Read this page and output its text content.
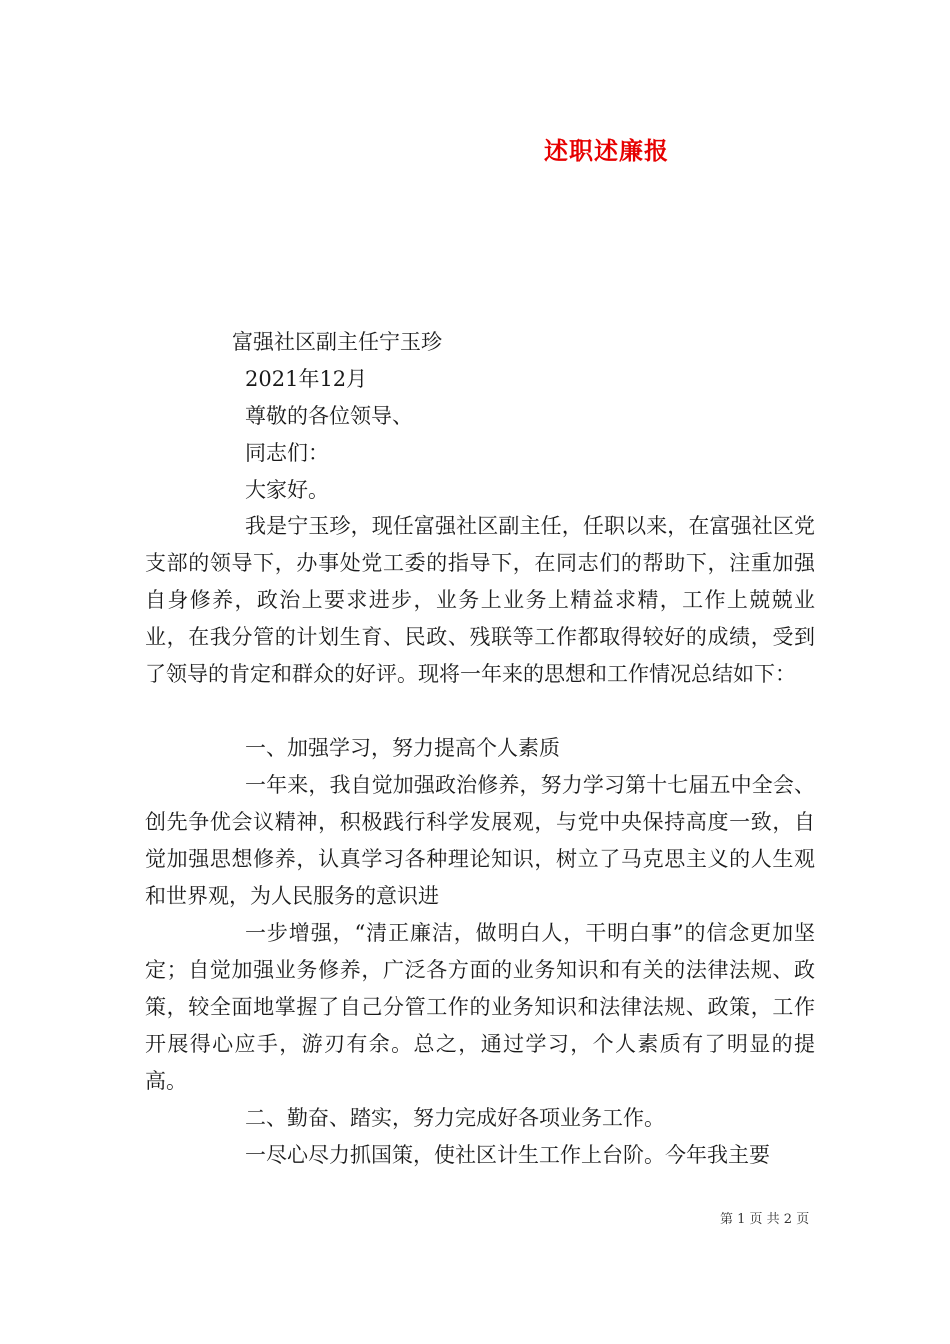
述职述廉报
富强社区副主任宁玉珍
2021年12月
尊敬的各位领导、
同志们：
大家好。
我是宁玉珍，现任富强社区副主任，任职以来，在富强社区党支部的领导下，办事处党工委的指导下，在同志们的帮助下，注重加强自身修养，政治上要求进步，业务上业务上精益求精，工作上兢兢业业，在我分管的计划生育、民政、残联等工作都取得较好的成绩，受到了领导的肯定和群众的好评。现将一年来的思想和工作情况总结如下：
一、加强学习，努力提高个人素质
一年来，我自觉加强政治修养，努力学习第十七届五中全会、创先争优会议精神，积极践行科学发展观，与党中央保持高度一致，自觉加强思想修养，认真学习各种理论知识，树立了马克思主义的人生观和世界观，为人民服务的意识进
一步增强，“清正廉洁，做明白人，干明白事”的信念更加坚定；自觉加强业务修养，广泛各方面的业务知识和有关的法律法规、政策，较全面地掌握了自己分管工作的业务知识和法律法规、政策，工作开展得心应手，游刃有余。总之，通过学习，个人素质有了明显的提高。
二、勤奋、踏实，努力完成好各项业务工作。
一尽心尽力抓国策，使社区计生工作上台阶。今年我主要
第 1 页 共 2 页
